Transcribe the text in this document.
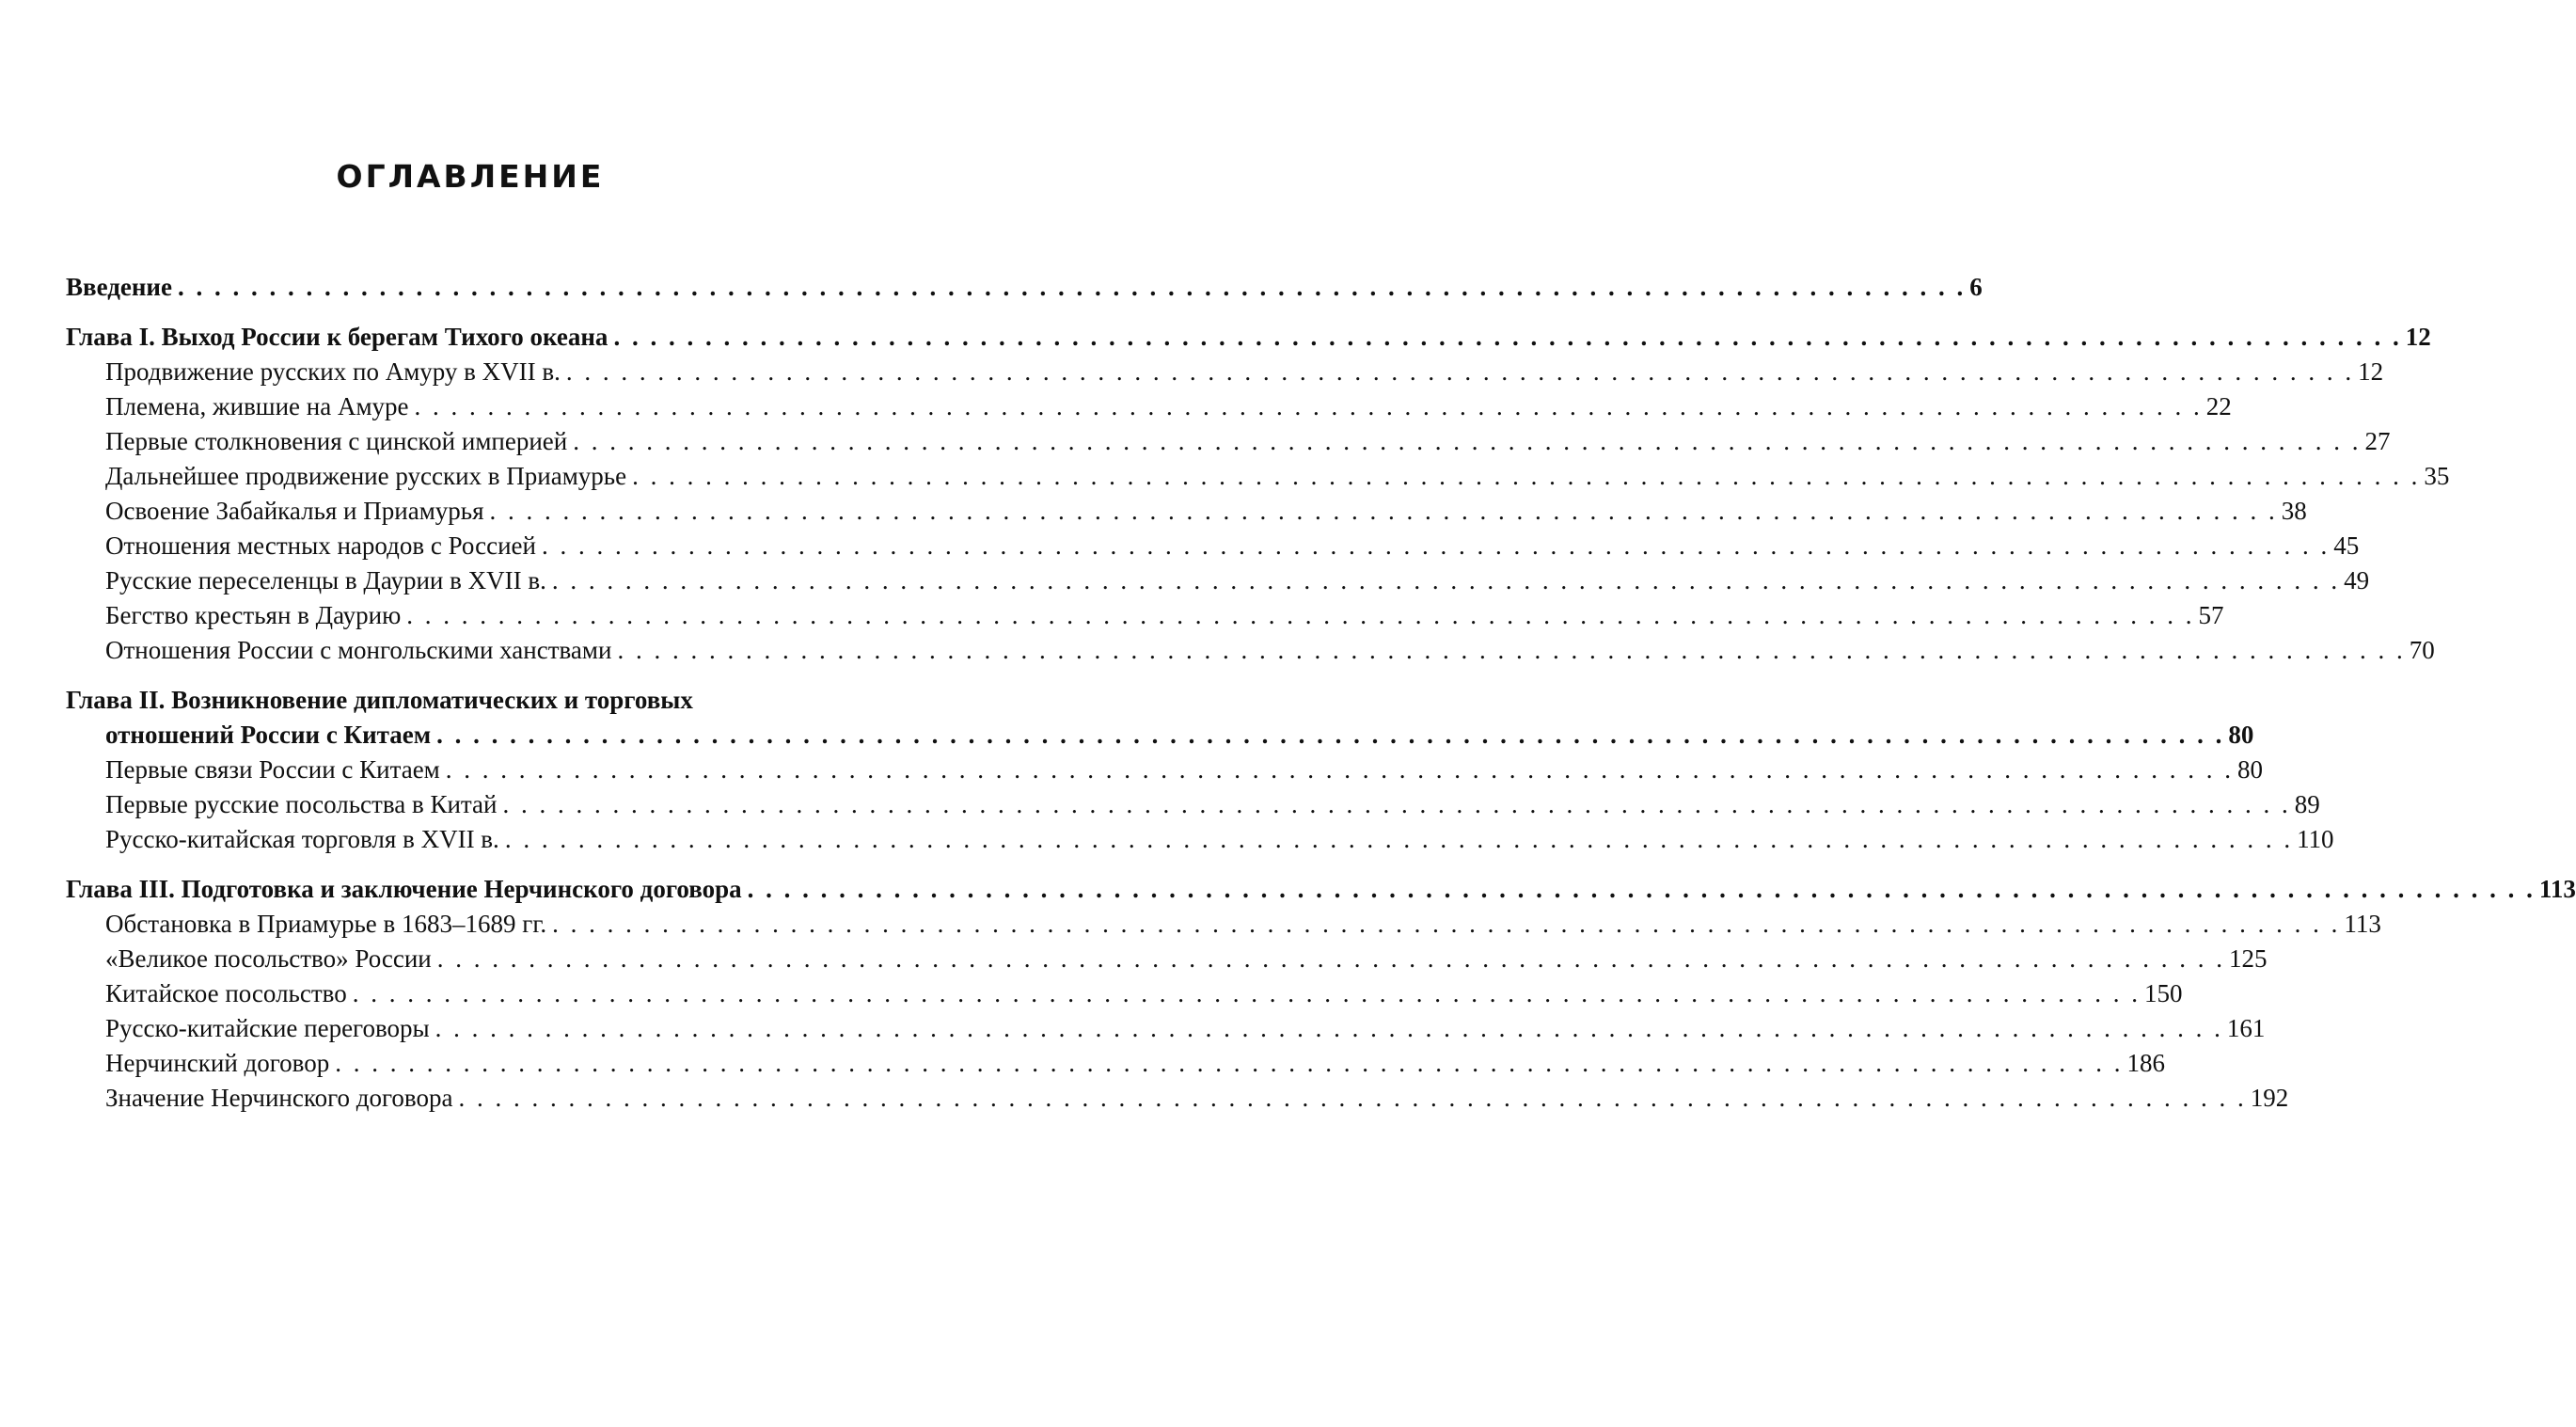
ОГЛАВЛЕНИЕ
Введение . . . . . . . . . . . . . . . . . . . . . . . . . . . . . . . . . . . . . . . . . . . . . . . . . . . . . . . . . . . . . . . . . . . . . . . . . . . . . . . . . . . . . . . . . . . . . . . . . . 6
Глава I. Выход России к берегам Тихого океана . . . . . . . . . . . . . . . . . . . . . . . . . . . . . . . . . . . . . . . . . . . . . . . . . . . . . . . . . . . . . . . . . . . . . . . . . . . . . . . . . . . . . . . . . . . . . . . . . . 12
Продвижение русских по Амуру в XVII в. . . . . . . . . . . . . . . . . . . . . . . . . . . . . . . . . . . . . . . . . . . . . . . . . . . . . . . . . . . . . . . . . . . . . . . . . . . . . . . . . . . . . . . . . . . . . . . . . . . 12
Племена, жившие на Амуре . . . . . . . . . . . . . . . . . . . . . . . . . . . . . . . . . . . . . . . . . . . . . . . . . . . . . . . . . . . . . . . . . . . . . . . . . . . . . . . . . . . . . . . . . . . . . . . . . . 22
Первые столкновения с цинской империей . . . . . . . . . . . . . . . . . . . . . . . . . . . . . . . . . . . . . . . . . . . . . . . . . . . . . . . . . . . . . . . . . . . . . . . . . . . . . . . . . . . . . . . . . . . . . . . . . . 27
Дальнейшее продвижение русских в Приамурье . . . . . . . . . . . . . . . . . . . . . . . . . . . . . . . . . . . . . . . . . . . . . . . . . . . . . . . . . . . . . . . . . . . . . . . . . . . . . . . . . . . . . . . . . . . . . . . . . . 35
Освоение Забайкалья и Приамурья . . . . . . . . . . . . . . . . . . . . . . . . . . . . . . . . . . . . . . . . . . . . . . . . . . . . . . . . . . . . . . . . . . . . . . . . . . . . . . . . . . . . . . . . . . . . . . . . . . 38
Отношения местных народов с Россией . . . . . . . . . . . . . . . . . . . . . . . . . . . . . . . . . . . . . . . . . . . . . . . . . . . . . . . . . . . . . . . . . . . . . . . . . . . . . . . . . . . . . . . . . . . . . . . . . . 45
Русские переселенцы в Даурии в XVII в. . . . . . . . . . . . . . . . . . . . . . . . . . . . . . . . . . . . . . . . . . . . . . . . . . . . . . . . . . . . . . . . . . . . . . . . . . . . . . . . . . . . . . . . . . . . . . . . . . . 49
Бегство крестьян в Даурию . . . . . . . . . . . . . . . . . . . . . . . . . . . . . . . . . . . . . . . . . . . . . . . . . . . . . . . . . . . . . . . . . . . . . . . . . . . . . . . . . . . . . . . . . . . . . . . . . . 57
Отношения России с монгольскими ханствами . . . . . . . . . . . . . . . . . . . . . . . . . . . . . . . . . . . . . . . . . . . . . . . . . . . . . . . . . . . . . . . . . . . . . . . . . . . . . . . . . . . . . . . . . . . . . . . . . . 70
Глава II. Возникновение дипломатических и торговых
отношений России с Китаем . . . . . . . . . . . . . . . . . . . . . . . . . . . . . . . . . . . . . . . . . . . . . . . . . . . . . . . . . . . . . . . . . . . . . . . . . . . . . . . . . . . . . . . . . . . . . . . . . . 80
Первые связи России с Китаем . . . . . . . . . . . . . . . . . . . . . . . . . . . . . . . . . . . . . . . . . . . . . . . . . . . . . . . . . . . . . . . . . . . . . . . . . . . . . . . . . . . . . . . . . . . . . . . . . . 80
Первые русские посольства в Китай . . . . . . . . . . . . . . . . . . . . . . . . . . . . . . . . . . . . . . . . . . . . . . . . . . . . . . . . . . . . . . . . . . . . . . . . . . . . . . . . . . . . . . . . . . . . . . . . . . 89
Русско-китайская торговля в XVII в. . . . . . . . . . . . . . . . . . . . . . . . . . . . . . . . . . . . . . . . . . . . . . . . . . . . . . . . . . . . . . . . . . . . . . . . . . . . . . . . . . . . . . . . . . . . . . . . . . . 110
Глава III. Подготовка и заключение Нерчинского договора . . . . . . . . . . . . . . . . . . . . . . . . . . . . . . . . . . . . . . . . . . . . . . . . . . . . . . . . . . . . . . . . . . . . . . . . . . . . . . . . . . . . . . . . . . . . . . . . . . 113
Обстановка в Приамурье в 1683–1689 гг. . . . . . . . . . . . . . . . . . . . . . . . . . . . . . . . . . . . . . . . . . . . . . . . . . . . . . . . . . . . . . . . . . . . . . . . . . . . . . . . . . . . . . . . . . . . . . . . . . . 113
«Великое посольство» России . . . . . . . . . . . . . . . . . . . . . . . . . . . . . . . . . . . . . . . . . . . . . . . . . . . . . . . . . . . . . . . . . . . . . . . . . . . . . . . . . . . . . . . . . . . . . . . . . . 125
Китайское посольство . . . . . . . . . . . . . . . . . . . . . . . . . . . . . . . . . . . . . . . . . . . . . . . . . . . . . . . . . . . . . . . . . . . . . . . . . . . . . . . . . . . . . . . . . . . . . . . . . . 150
Русско-китайские переговоры . . . . . . . . . . . . . . . . . . . . . . . . . . . . . . . . . . . . . . . . . . . . . . . . . . . . . . . . . . . . . . . . . . . . . . . . . . . . . . . . . . . . . . . . . . . . . . . . . . 161
Нерчинский договор . . . . . . . . . . . . . . . . . . . . . . . . . . . . . . . . . . . . . . . . . . . . . . . . . . . . . . . . . . . . . . . . . . . . . . . . . . . . . . . . . . . . . . . . . . . . . . . . . . 186
Значение Нерчинского договора . . . . . . . . . . . . . . . . . . . . . . . . . . . . . . . . . . . . . . . . . . . . . . . . . . . . . . . . . . . . . . . . . . . . . . . . . . . . . . . . . . . . . . . . . . . . . . . . . . 192
